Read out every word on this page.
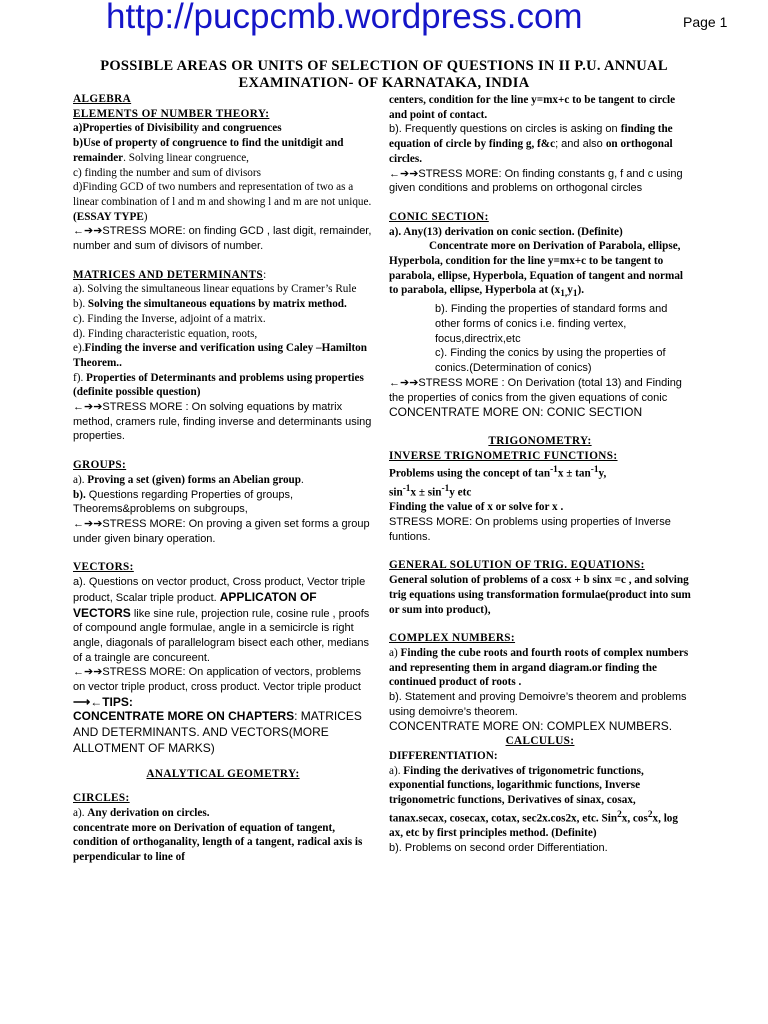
http://pucpcmb.wordpress.com	Page 1
POSSIBLE AREAS OR UNITS OF SELECTION OF QUESTIONS IN II P.U. ANNUAL EXAMINATION- OF KARNATAKA, INDIA

ALGEBRA

ELEMENTS OF NUMBER THEORY:

a)Properties of Divisibility and congruences

b)Use of property of congruence to find the unitdigit and remainder. Solving linear congruence,

c) finding the number and sum of divisors

d)Finding GCD of two numbers and representation of two as a linear combination of l and m and showing l and m are not unique.(ESSAY TYPE)

←➔➔STRESS MORE: on finding GCD , last digit, remainder, number and sum of divisors of number.

MATRICES AND DETERMINANTS:

a). Solving the simultaneous linear equations by Cramer’s Rule

b). Solving the simultaneous equations by matrix method.

c). Finding the Inverse, adjoint of a matrix.

d). Finding characteristic equation, roots,

e).Finding the inverse and verification using Caley –Hamilton Theorem..

f). Properties of Determinants and problems using properties (definite possible question)

←➔➔STRESS MORE : On solving equations by matrix method, cramers rule, finding inverse and determinants using properties.

GROUPS:

a). Proving a set (given) forms an Abelian group.

b). Questions regarding Properties of groups, Theorems&problems on subgroups,

←➔➔STRESS MORE: On proving a given set forms a group under given binary operation.

VECTORS:

a). Questions on vector product, Cross product, Vector triple product, Scalar triple product. APPLICATON OF VECTORS like sine rule, projection rule, cosine rule , proofs of compound angle formulae, angle in a semicircle is right angle, diagonals of parallelogram bisect each other, medians of a traingle are concureent.

←➔➔STRESS MORE: On application of vectors, problems on vector triple product, cross product. Vector triple product

⟶←TIPS:

CONCENTRATE MORE ON CHAPTERS: MATRICES AND DETERMINANTS. AND VECTORS(MORE ALLOTMENT OF MARKS)

ANALYTICAL GEOMETRY:

CIRCLES:

a). Any derivation on circles.

concentrate more on Derivation of equation of tangent, condition of orthoganality, length of a tangent, radical axis is perpendicular to line of

centers, condition for the line y=mx+c to be tangent to circle and point of contact.

b). Frequently questions on circles is asking on finding the equation of circle by finding g, f&c; and also on orthogonal circles.

←➔➔STRESS MORE: On finding constants g, f and c using given conditions and problems on orthogonal circles

CONIC SECTION:

a). Any(13) derivation on conic section. (Definite)

Concentrate more on Derivation of Parabola, ellipse, Hyperbola, condition for the line y=mx+c to be tangent to parabola, ellipse, Hyperbola, Equation of tangent and normal to parabola, ellipse, Hyperbola at $(x_{1,}y_1)$.

b). Finding the properties of standard forms and other forms of conics i.e. finding vertex, focus,directrix,etc

c). Finding the conics by using the properties of conics.(Determination of conics)

←➔➔STRESS MORE : On Derivation (total 13) and Finding the properties of conics from the given equations of conic

CONCENTRATE MORE ON: CONIC SECTION

TRIGONOMETRY:

INVERSE TRIGNOMETRIC FUNCTIONS:

Problems using the concept of $\tan^{-1}x \pm \tan^{-1}y$,

$\sin^{-1}x \pm \sin^{-1}y$ etc

Finding the value of x or solve for x .

STRESS MORE: On problems using properties of Inverse funtions.

GENERAL SOLUTION OF TRIG. EQUATIONS:

General solution of problems of a cosx + b sinx =c , and solving trig equations using transformation formulae(product into sum or sum into product),

COMPLEX NUMBERS:

a) Finding the cube roots and fourth roots of complex numbers and representing them in argand diagram.or finding the continued product of roots .

b). Statement and proving Demoivre’s theorem and problems using demoivre’s theorem.

CONCENTRATE MORE ON: COMPLEX NUMBERS.

CALCULUS:

DIFFERENTIATION:

a). Finding the derivatives of trigonometric functions, exponential functions, logarithmic functions, Inverse trigonometric functions, Derivatives of sinax, cosax, tanax.secax, cosecax, cotax, sec2x.cos2x, etc. Sin$^2$x, $\cos^2x$, log ax, etc by first principles method. (Definite)

b). Problems on second order Differentiation.
